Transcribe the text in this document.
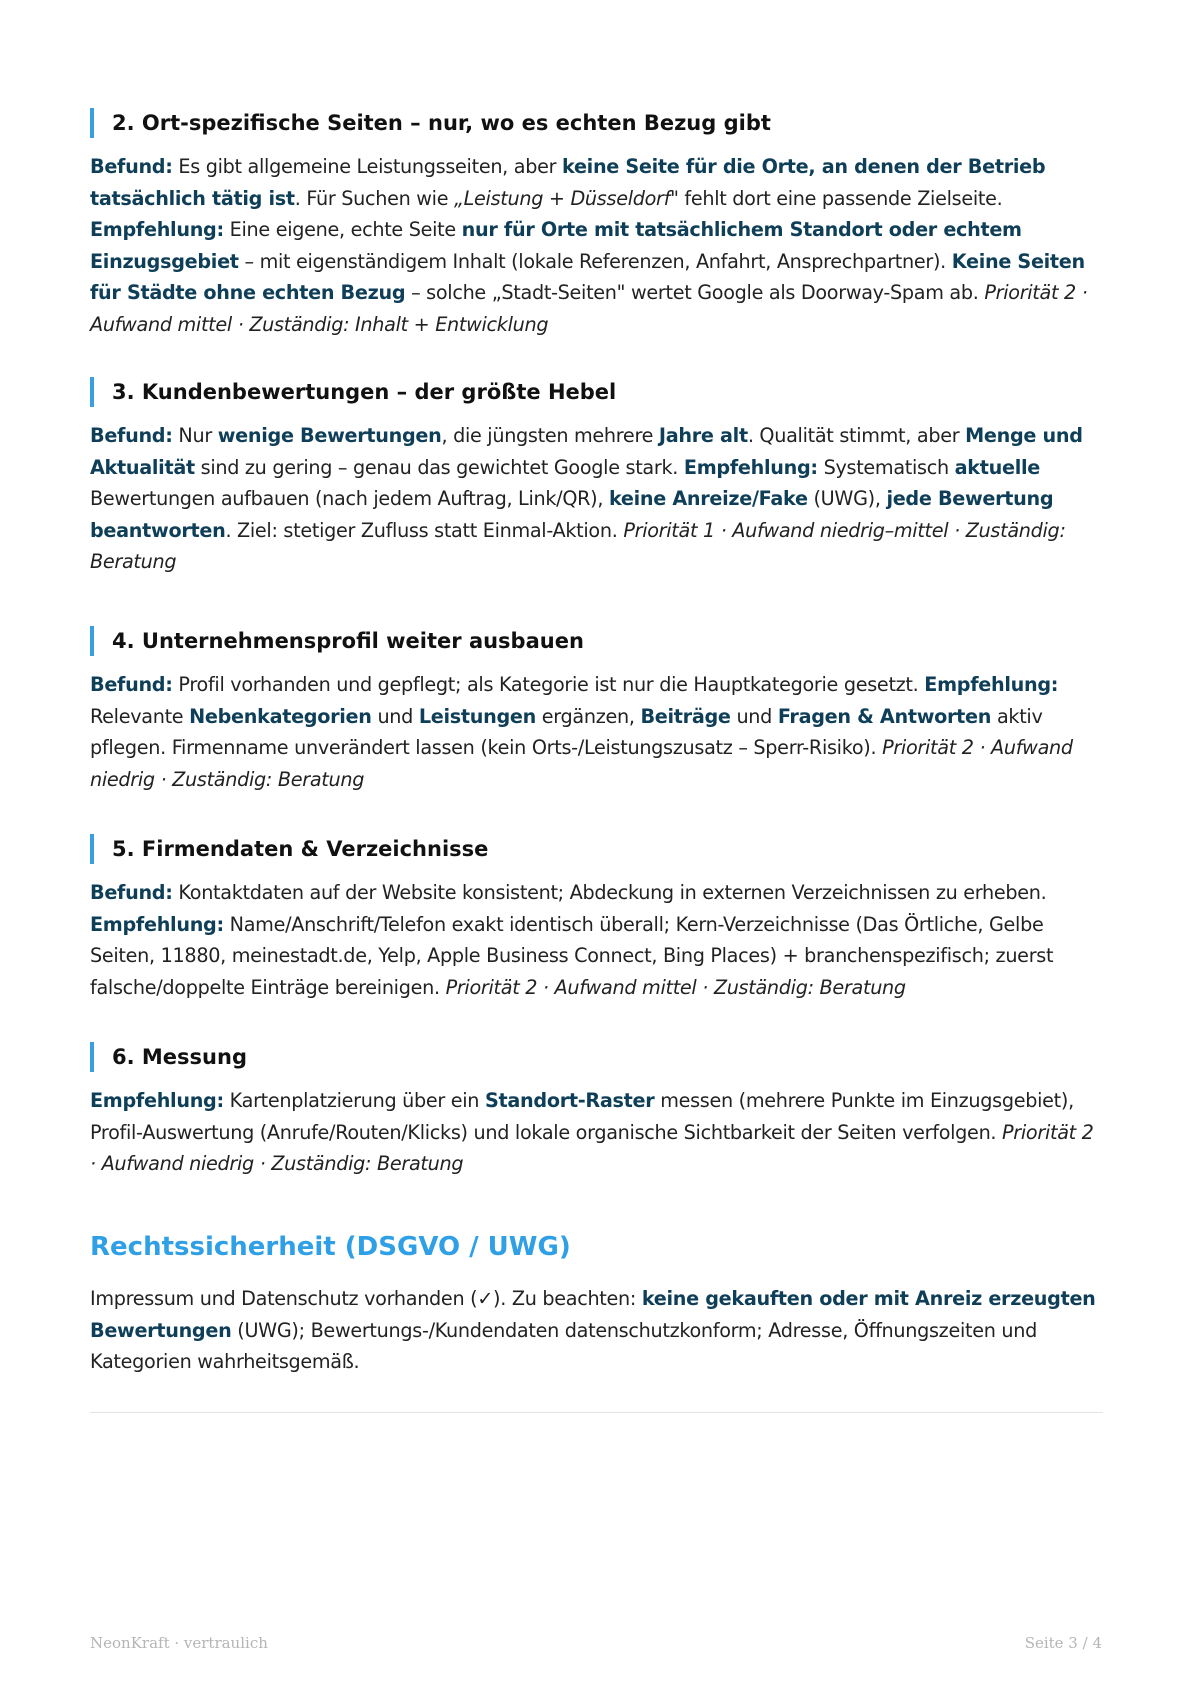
2. Ort-spezifische Seiten – nur, wo es echten Bezug gibt

Befund: Es gibt allgemeine Leistungsseiten, aber keine Seite für die Orte, an denen der Betrieb tatsächlich tätig ist. Für Suchen wie „Leistung + Düsseldorf" fehlt dort eine passende Zielseite. Empfehlung: Eine eigene, echte Seite nur für Orte mit tatsächlichem Standort oder echtem Einzugsgebiet – mit eigenständigem Inhalt (lokale Referenzen, Anfahrt, Ansprechpartner). Keine Seiten für Städte ohne echten Bezug – solche „Stadt-Seiten" wertet Google als Doorway-Spam ab. Priorität 2 · Aufwand mittel · Zuständig: Inhalt + Entwicklung

3. Kundenbewertungen – der größte Hebel

Befund: Nur wenige Bewertungen, die jüngsten mehrere Jahre alt. Qualität stimmt, aber Menge und Aktualität sind zu gering – genau das gewichtet Google stark. Empfehlung: Systematisch aktuelle Bewertungen aufbauen (nach jedem Auftrag, Link/QR), keine Anreize/Fake (UWG), jede Bewertung beantworten. Ziel: stetiger Zufluss statt Einmal-Aktion. Priorität 1 · Aufwand niedrig–mittel · Zuständig: Beratung

4. Unternehmensprofil weiter ausbauen

Befund: Profil vorhanden und gepflegt; als Kategorie ist nur die Hauptkategorie gesetzt. Empfehlung: Relevante Nebenkategorien und Leistungen ergänzen, Beiträge und Fragen & Antworten aktiv pflegen. Firmenname unverändert lassen (kein Orts-/Leistungszusatz – Sperr-Risiko). Priorität 2 · Aufwand niedrig · Zuständig: Beratung

5. Firmendaten & Verzeichnisse

Befund: Kontaktdaten auf der Website konsistent; Abdeckung in externen Verzeichnissen zu erheben. Empfehlung: Name/Anschrift/Telefon exakt identisch überall; Kern-Verzeichnisse (Das Örtliche, Gelbe Seiten, 11880, meinestadt.de, Yelp, Apple Business Connect, Bing Places) + branchenspezifisch; zuerst falsche/doppelte Einträge bereinigen. Priorität 2 · Aufwand mittel · Zuständig: Beratung

6. Messung

Empfehlung: Kartenplatzierung über ein Standort-Raster messen (mehrere Punkte im Einzugsgebiet), Profil-Auswertung (Anrufe/Routen/Klicks) und lokale organische Sichtbarkeit der Seiten verfolgen. Priorität 2 · Aufwand niedrig · Zuständig: Beratung

Rechtssicherheit (DSGVO / UWG)

Impressum und Datenschutz vorhanden (✓). Zu beachten: keine gekauften oder mit Anreiz erzeugten Bewertungen (UWG); Bewertungs-/Kundendaten datenschutzkonform; Adresse, Öffnungszeiten und Kategorien wahrheitsgemäß.

NeonKraft · vertraulich	Seite 3 / 4
